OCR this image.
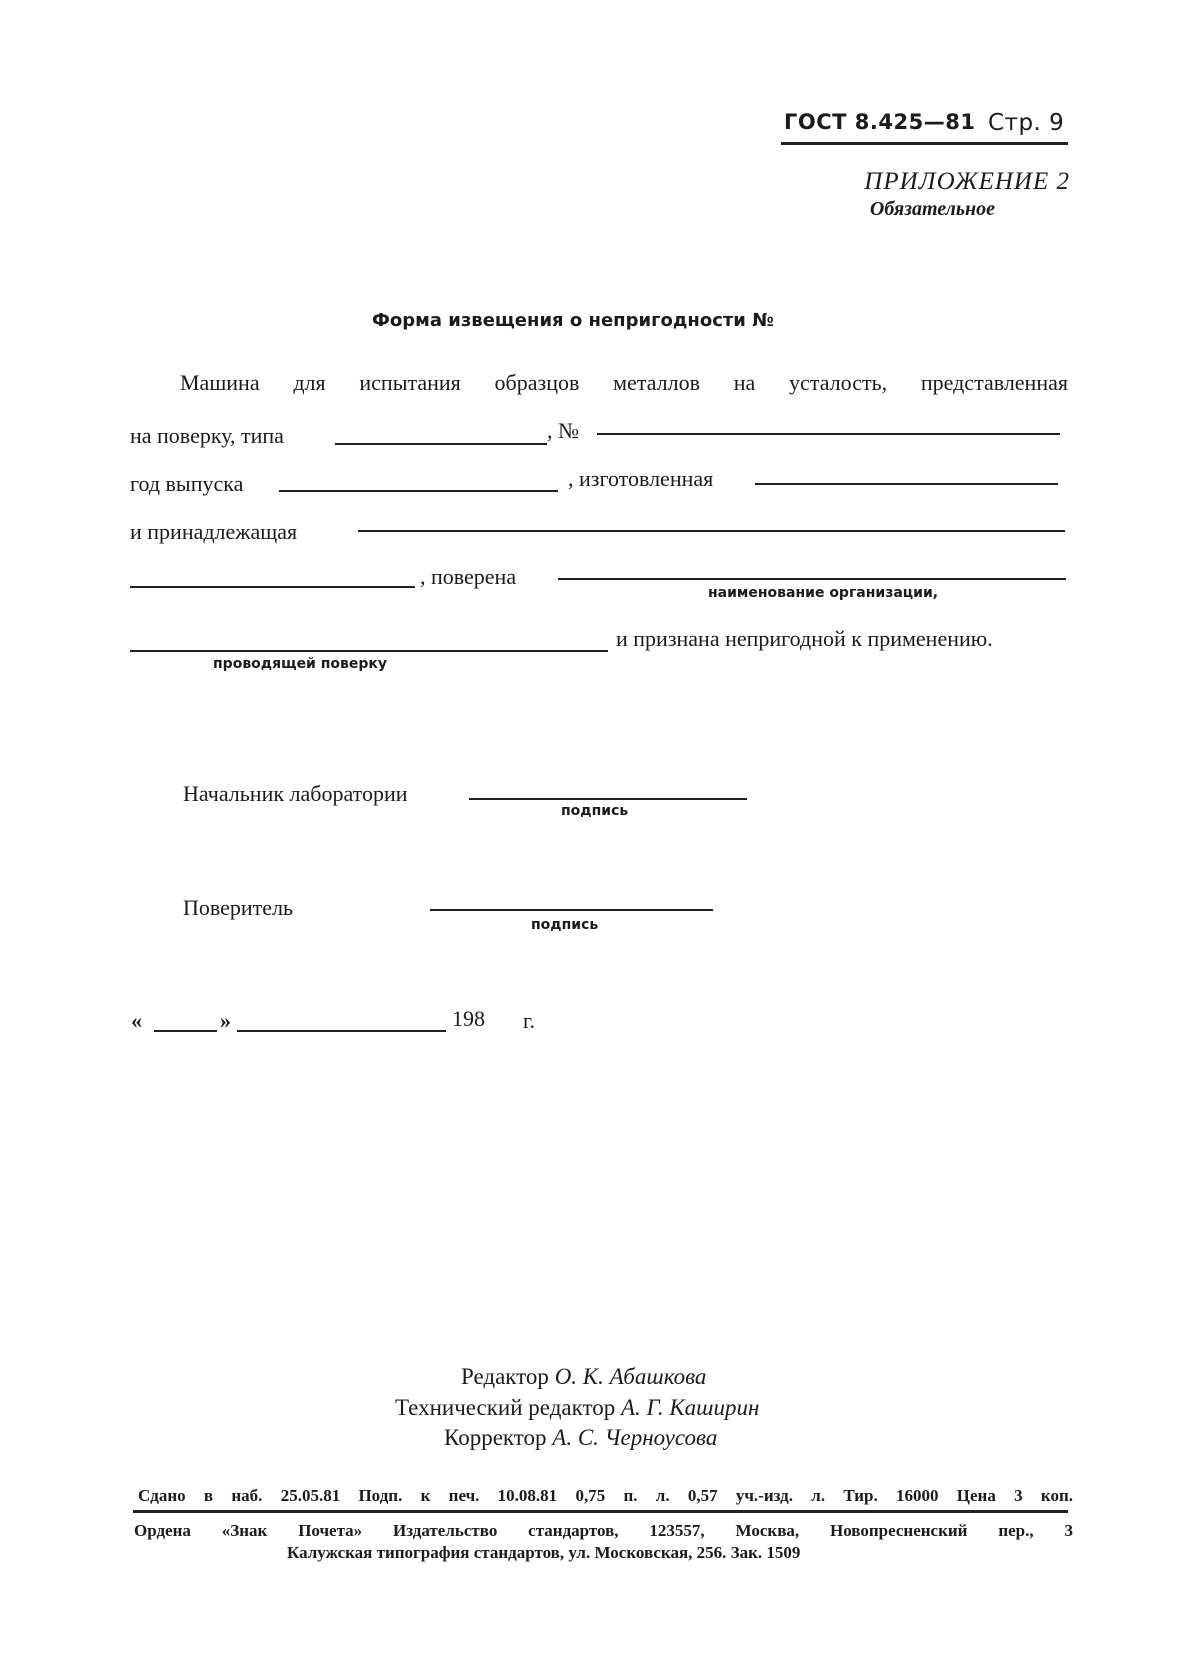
ГОСТ 8.425—81 Стр. 9
ПРИЛОЖЕНИЕ 2
Обязательное
Форма извещения о непригодности №
Машина для испытания образцов металлов на усталость, представленная
на поверку, типа	, №
год выпуска	, изготовленная
и принадлежащая
, поверена
наименование организации,
и признана непригодной к применению.
проводящей поверку
Начальник лаборатории
подпись
Поверитель
подпись
«	»	198 г.
Редактор О. К. Абашкова
Технический редактор А. Г. Каширин
Корректор А. С. Черноусова
Сдано в наб. 25.05.81 Подп. к печ. 10.08.81 0,75 п. л. 0,57 уч.-изд. л. Тир. 16000 Цена 3 коп.
Ордена «Знак Почета» Издательство стандартов, 123557, Москва, Новопресненский пер., 3
Калужская типография стандартов, ул. Московская, 256. Зак. 1509
